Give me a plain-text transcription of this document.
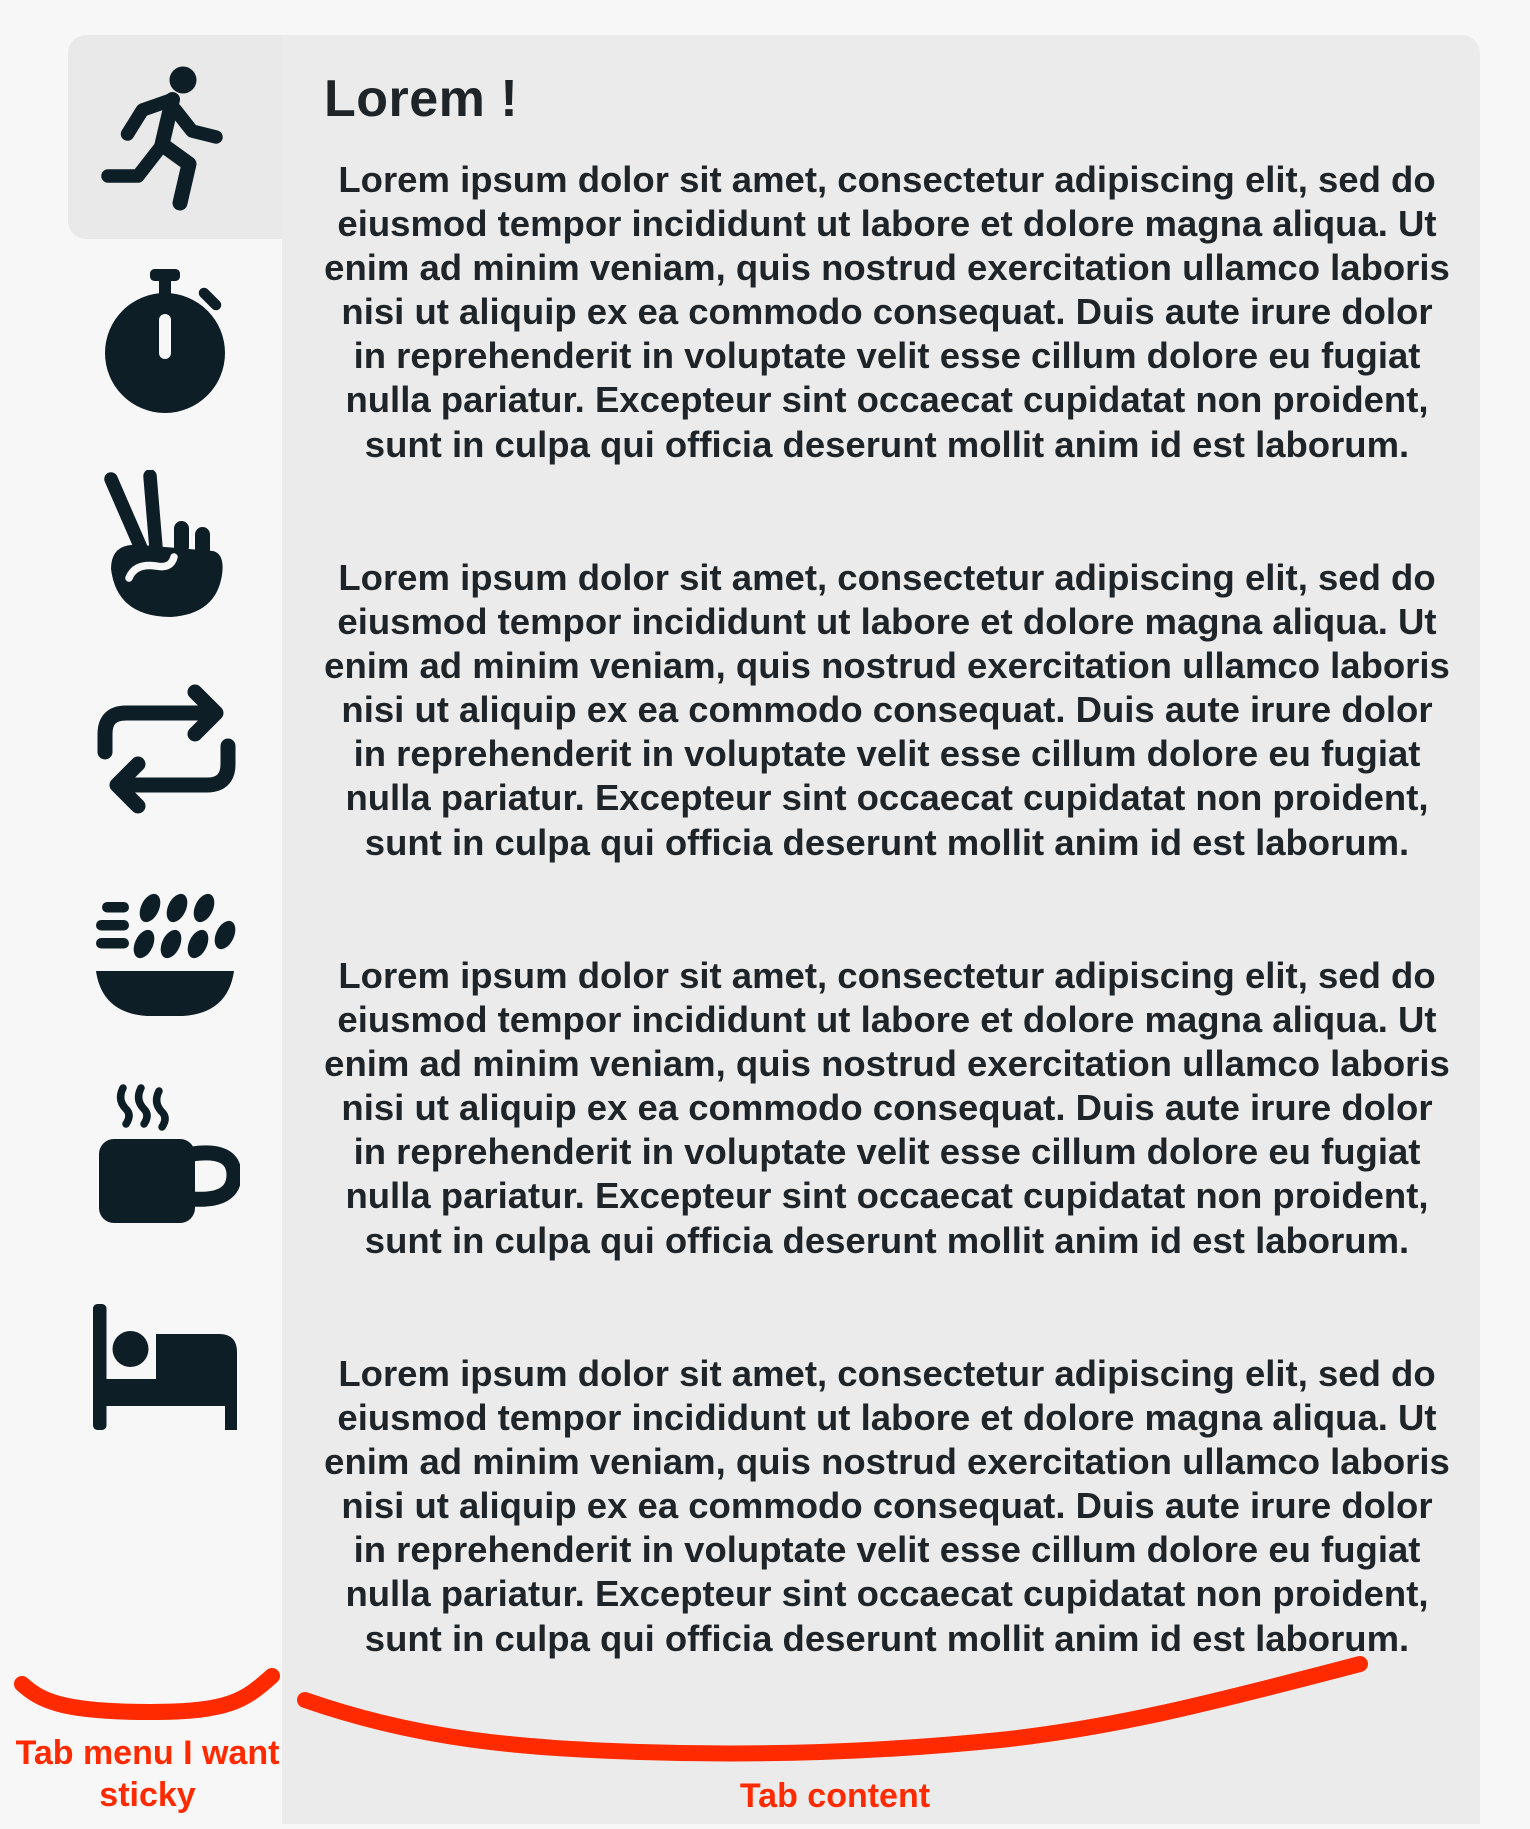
Lorem !

Lorem ipsum dolor sit amet, consectetur adipiscing elit, sed do eiusmod tempor incididunt ut labore et dolore magna aliqua. Ut enim ad minim veniam, quis nostrud exercitation ullamco laboris nisi ut aliquip ex ea commodo consequat. Duis aute irure dolor in reprehenderit in voluptate velit esse cillum dolore eu fugiat nulla pariatur. Excepteur sint occaecat cupidatat non proident, sunt in culpa qui officia deserunt mollit anim id est laborum.

Lorem ipsum dolor sit amet, consectetur adipiscing elit, sed do eiusmod tempor incididunt ut labore et dolore magna aliqua. Ut enim ad minim veniam, quis nostrud exercitation ullamco laboris nisi ut aliquip ex ea commodo consequat. Duis aute irure dolor in reprehenderit in voluptate velit esse cillum dolore eu fugiat nulla pariatur. Excepteur sint occaecat cupidatat non proident, sunt in culpa qui officia deserunt mollit anim id est laborum.

Lorem ipsum dolor sit amet, consectetur adipiscing elit, sed do eiusmod tempor incididunt ut labore et dolore magna aliqua. Ut enim ad minim veniam, quis nostrud exercitation ullamco laboris nisi ut aliquip ex ea commodo consequat. Duis aute irure dolor in reprehenderit in voluptate velit esse cillum dolore eu fugiat nulla pariatur. Excepteur sint occaecat cupidatat non proident, sunt in culpa qui officia deserunt mollit anim id est laborum.

Lorem ipsum dolor sit amet, consectetur adipiscing elit, sed do eiusmod tempor incididunt ut labore et dolore magna aliqua. Ut enim ad minim veniam, quis nostrud exercitation ullamco laboris nisi ut aliquip ex ea commodo consequat. Duis aute irure dolor in reprehenderit in voluptate velit esse cillum dolore eu fugiat nulla pariatur. Excepteur sint occaecat cupidatat non proident, sunt in culpa qui officia deserunt mollit anim id est laborum.

Tab menu I want sticky	Tab content
